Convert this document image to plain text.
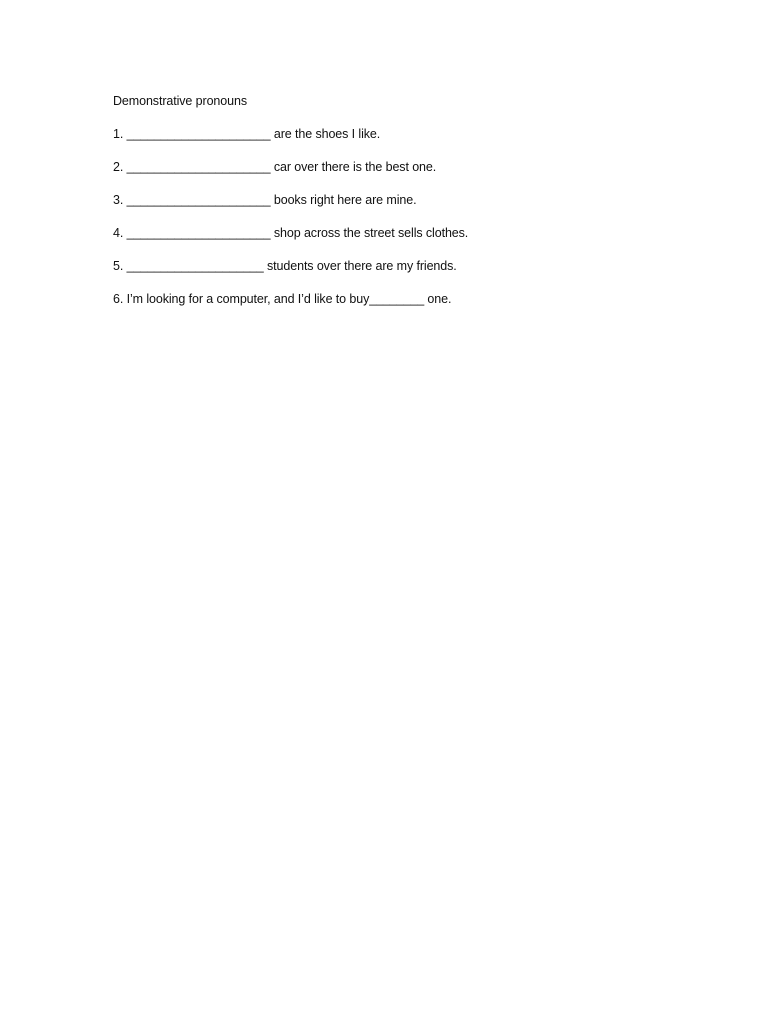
Demonstrative pronouns
1. _____________________ are the shoes I like.
2. _____________________ car over there is the best one.
3. _____________________ books right here are mine.
4. _____________________ shop across the street sells clothes.
5. ____________________ students over there are my friends.
6. I’m looking for a computer, and I’d like to buy________ one.
